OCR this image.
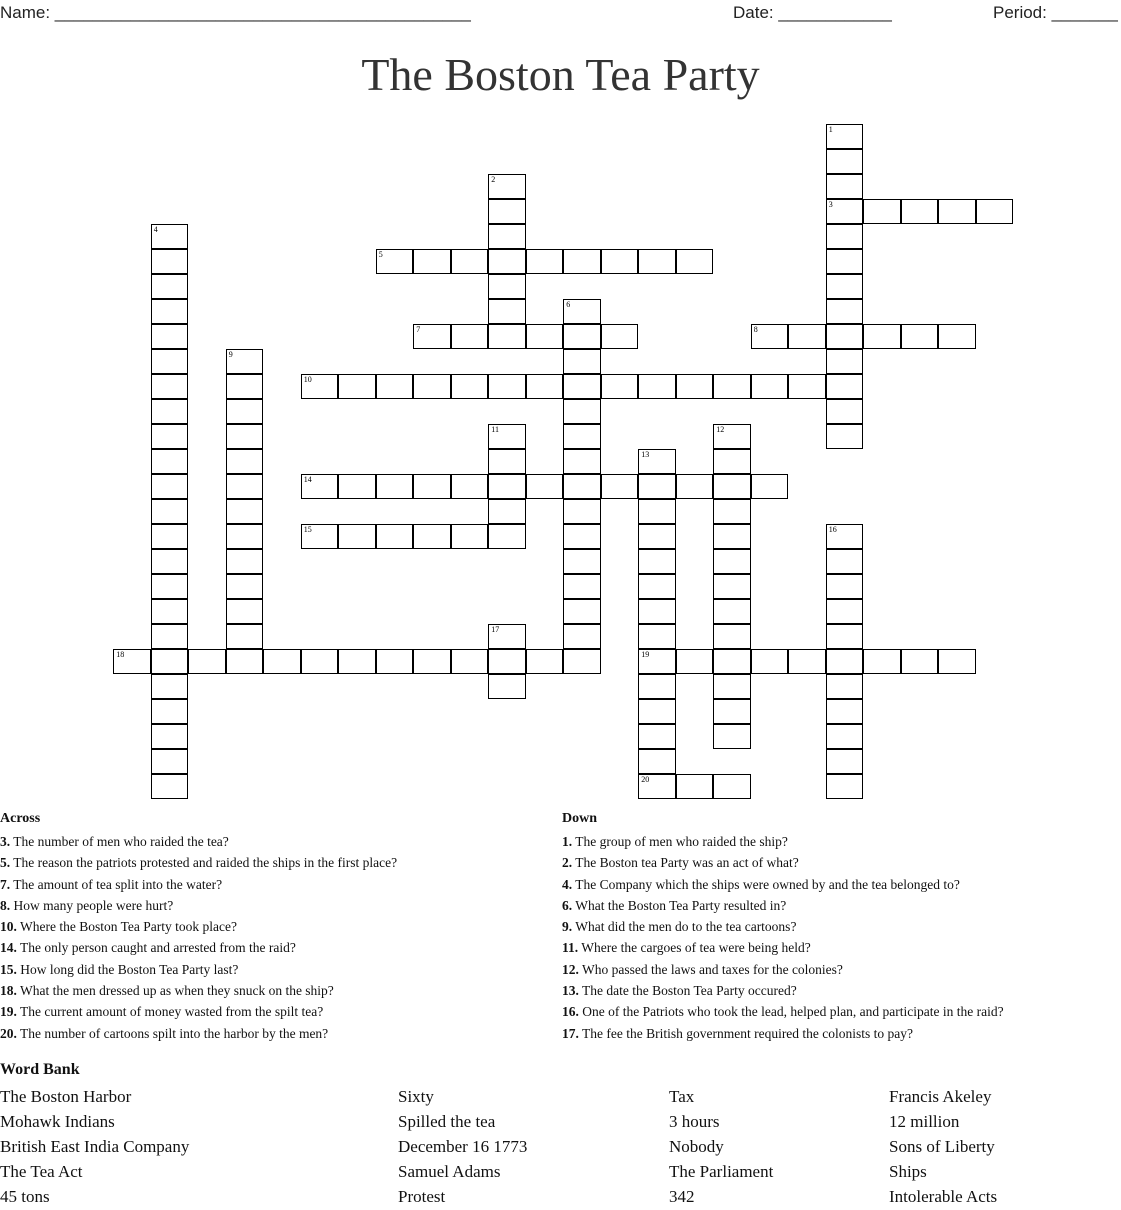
Name: ____________________________________________	Date: ____________	Period: _______
The Boston Tea Party
1
3
2
4
5
6
7	8
9
10
11	12
13
19
20
14
15	16
17
18
Across
3. The number of men who raided the tea?
5. The reason the patriots protested and raided the ships in the first place?
7. The amount of tea split into the water?
8. How many people were hurt?
10. Where the Boston Tea Party took place?
14. The only person caught and arrested from the raid?
15. How long did the Boston Tea Party last?
18. What the men dressed up as when they snuck on the ship?
19. The current amount of money wasted from the spilt tea?
20. The number of cartoons spilt into the harbor by the men?
Down
1. The group of men who raided the ship?
2. The Boston tea Party was an act of what?
4. The Company which the ships were owned by and the tea belonged to?
6. What the Boston Tea Party resulted in?
9. What did the men do to the tea cartoons?
11. Where the cargoes of tea were being held?
12. Who passed the laws and taxes for the colonies?
13. The date the Boston Tea Party occured?
16. One of the Patriots who took the lead, helped plan, and participate in the raid?
17. The fee the British government required the colonists to pay?
Word Bank
The Boston Harbor
Mohawk Indians
British East India Company
The Tea Act
45 tons
Sixty
Spilled the tea
December 16 1773
Samuel Adams
Protest
Tax
3 hours
Nobody
The Parliament
342
Francis Akeley
12 million
Sons of Liberty
Ships
Intolerable Acts
